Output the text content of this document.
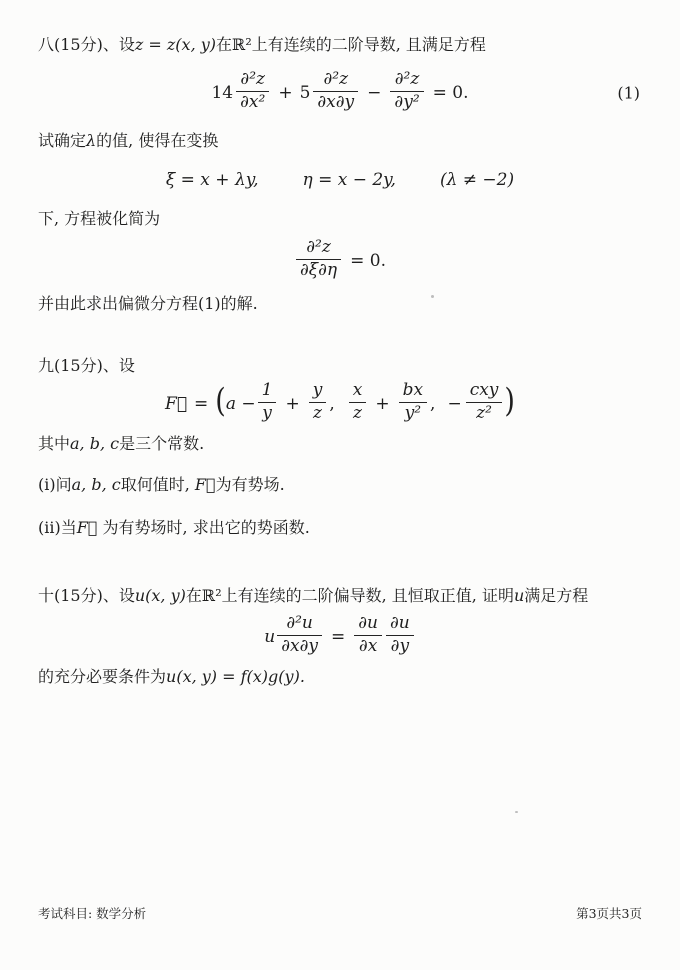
八(15分)、设z = z(x, y)在ℝ²上有连续的二阶导数, 且满足方程

$14 \frac{\text{∂²z}}{\text{∂x²}} + 5 \frac{\text{∂²z}}{\partial x\partial y} - \frac{\text{∂²z}}{\text{∂y²}} = 0$.	(1)

试确定λ的值, 使得在变换

ξ = x + λy,	η = x − 2y,	(λ ≠ −2)

下, 方程被化简为

$\frac{\text{∂²z}}{\partial\xi\partial\eta} = 0$.

并由此求出偏微分方程(1)的解.

九(15分)、设

F⃗ = ($a - \frac{1}{y} + \frac{y}{z}$ , $\frac{x}{z} + \frac{bx}{\text{y²}}$ , − $\frac{\text{cxy}}{\text{z²}}$ )

其中a, b, c是三个常数.

(i)问a, b, c取何值时, F⃗为有势场.

(ii)当F⃗ 为有势场时, 求出它的势函数.

十(15分)、设u(x, y)在ℝ²上有连续的二阶偏导数, 且恒取正值, 证明u满足方程

u $\frac{\text{∂²u}}{\partial x\partial y} = \frac{\partial u}{\partial x} \frac{\partial u}{\partial y}$

的充分必要条件为u(x, y) = f(x)g(y).

考试科目: 数学分析	第3页共3页
